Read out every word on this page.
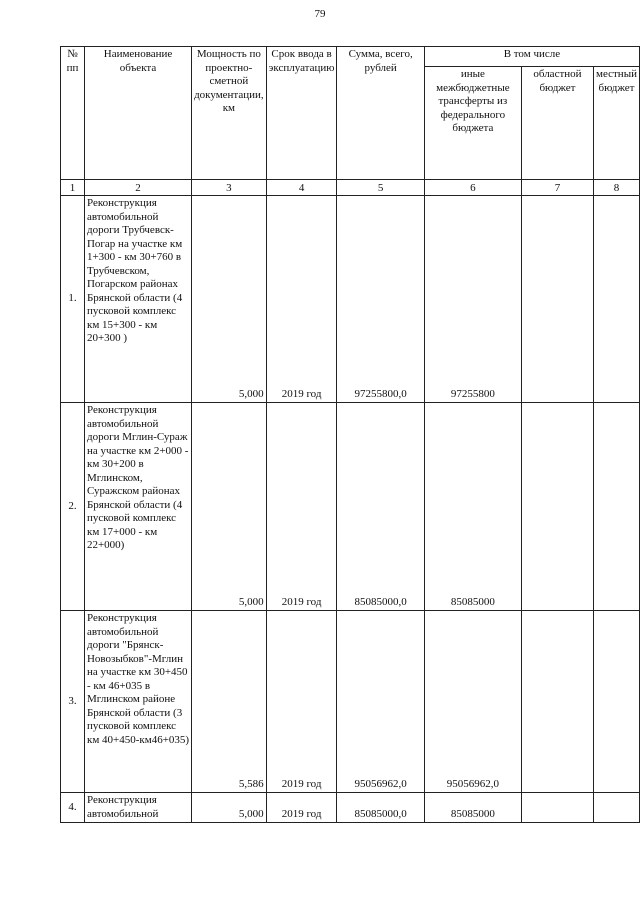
79
№ пп	Наименование объекта	Мощность по проектно-сметной документации, км	Срок ввода в эксплуатацию	Сумма, всего, рублей	В том числе		
					иные межбюджетные трансферты из федерального бюджета	областной бюджет	местный бюджет
1	2	3	4	5	6	7	8
1.	Реконструкция автомобильной дороги Трубчевск-Погар на участке км 1+300 - км 30+760 в Трубчевском, Погарском районах Брянской области (4 пусковой комплекс км 15+300 - км 20+300 )	5,000	2019 год	97255800,0	97255800		
2.	Реконструкция автомобильной дороги Мглин-Сураж на участке км 2+000 - км 30+200 в Мглинском, Суражском районах Брянской области (4 пусковой комплекс км 17+000 - км 22+000)	5,000	2019 год	85085000,0	85085000		
3.	Реконструкция автомобильной дороги "Брянск-Новозыбков"-Мглин на участке км 30+450 - км 46+035 в Мглинском районе Брянской области (3 пусковой комплекс км 40+450-км46+035)	5,586	2019 год	95056962,0	95056962,0		
4.	Реконструкция автомобильной	5,000	2019 год	85085000,0	85085000		
